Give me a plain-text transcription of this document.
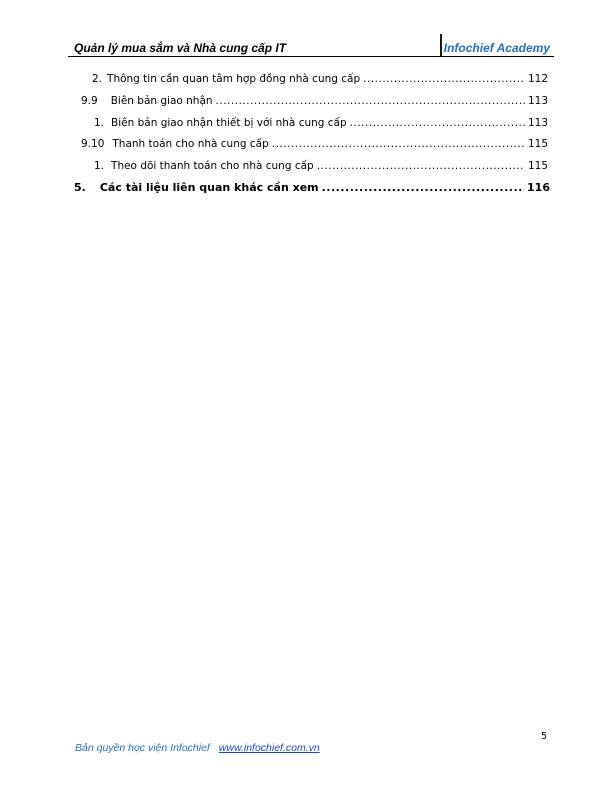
Quản lý mua sắm và Nhà cung cấp IT	Infochief Academy
2. Thông tin cần quan tâm hợp đồng nhà cung cấp .....	112
9.9 Biên bản giao nhận .....	113
1. Biên bản giao nhận thiết bị với nhà cung cấp .....	113
9.10 Thanh toán cho nhà cung cấp .....	115
1. Theo dõi thanh toán cho nhà cung cấp .....	115
5. Các tài liệu liên quan khác cần xem .....	116
5
Bản quyền học viện Infochief www.infochief.com.vn
